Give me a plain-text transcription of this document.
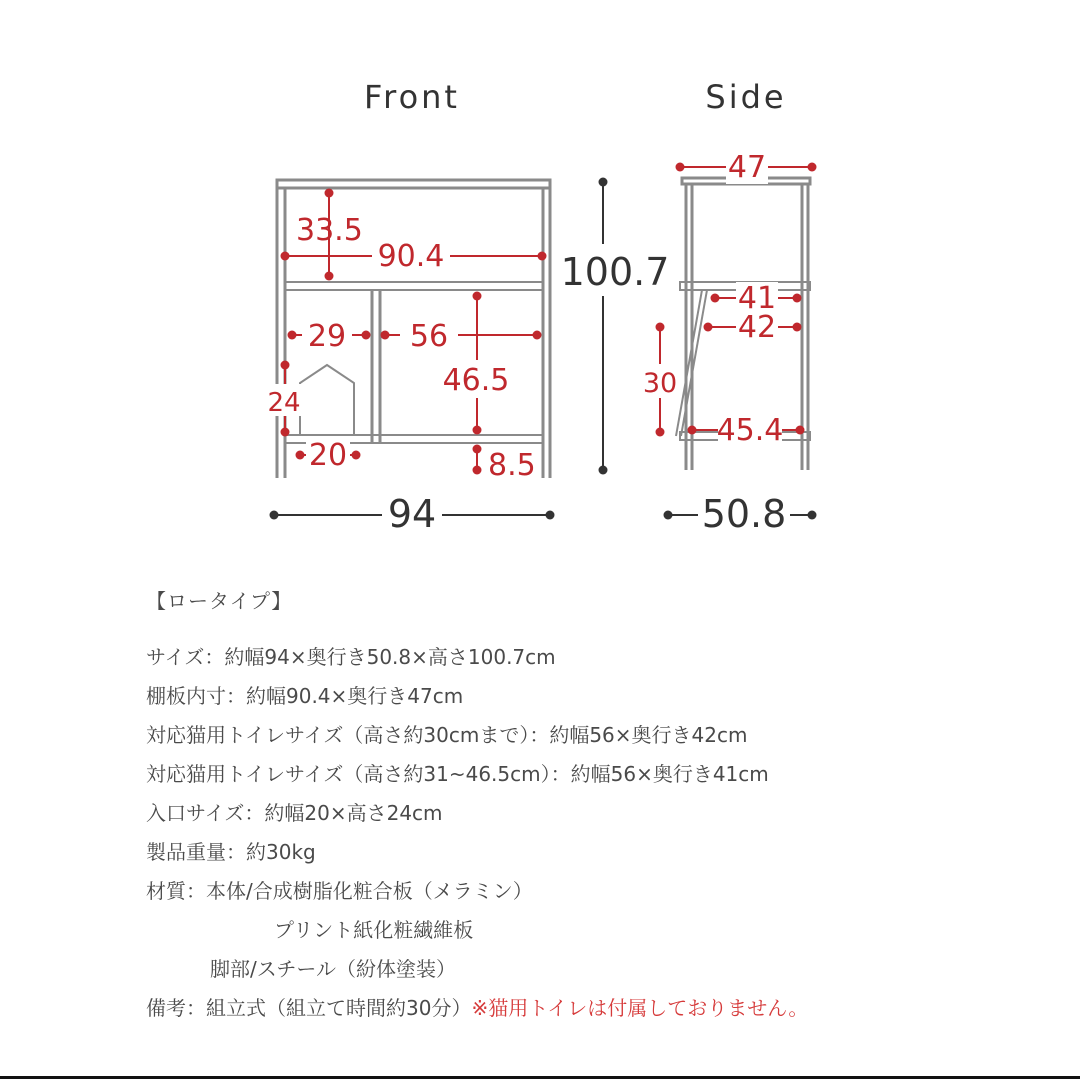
Front	Side
33.5
90.4
29 56
46.5
24
20	8.5
94
100.7
47
41
42
30
45.4
50.8
【ロータイプ】
サイズ：約幅94×奥行き50.8×高さ100.7cm
棚板内寸：約幅90.4×奥行き47cm
対応猫用トイレサイズ（高さ約30cmまで）：約幅56×奥行き42cm
対応猫用トイレサイズ（高さ約31~46.5cm）：約幅56×奥行き41cm
入口サイズ：約幅20×高さ24cm
製品重量：約30kg
材質：本体/合成樹脂化粧合板（メラミン）
プリント紙化粧繊維板
脚部/スチール（紛体塗装）
備考：組立式（組立て時間約30分）※猫用トイレは付属しておりません。
